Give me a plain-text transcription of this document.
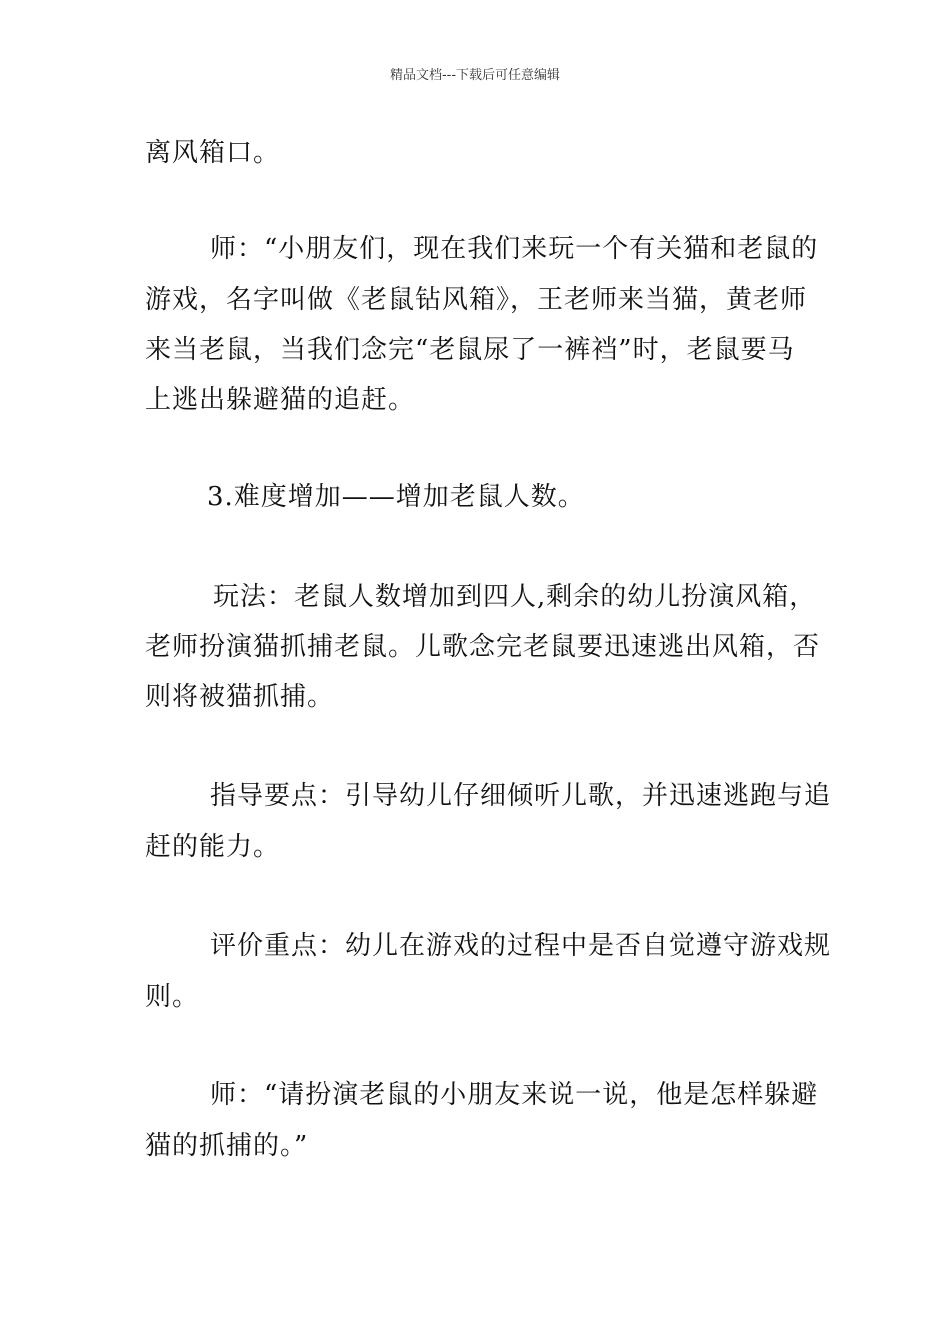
精品文档---下载后可任意编辑
离风箱口。
师：“小朋友们，现在我们来玩一个有关猫和老鼠的
游戏，名字叫做《老鼠钻风箱》，王老师来当猫，黄老师
来当老鼠，当我们念完“老鼠尿了一裤裆”时，老鼠要马
上逃出躲避猫的追赶。
3.难度增加——增加老鼠人数。
玩法：老鼠人数增加到四人,剩余的幼儿扮演风箱，
老师扮演猫抓捕老鼠。儿歌念完老鼠要迅速逃出风箱，否
则将被猫抓捕。
指导要点：引导幼儿仔细倾听儿歌，并迅速逃跑与追
赶的能力。
评价重点：幼儿在游戏的过程中是否自觉遵守游戏规
则。
师：“请扮演老鼠的小朋友来说一说，他是怎样躲避
猫的抓捕的。”
